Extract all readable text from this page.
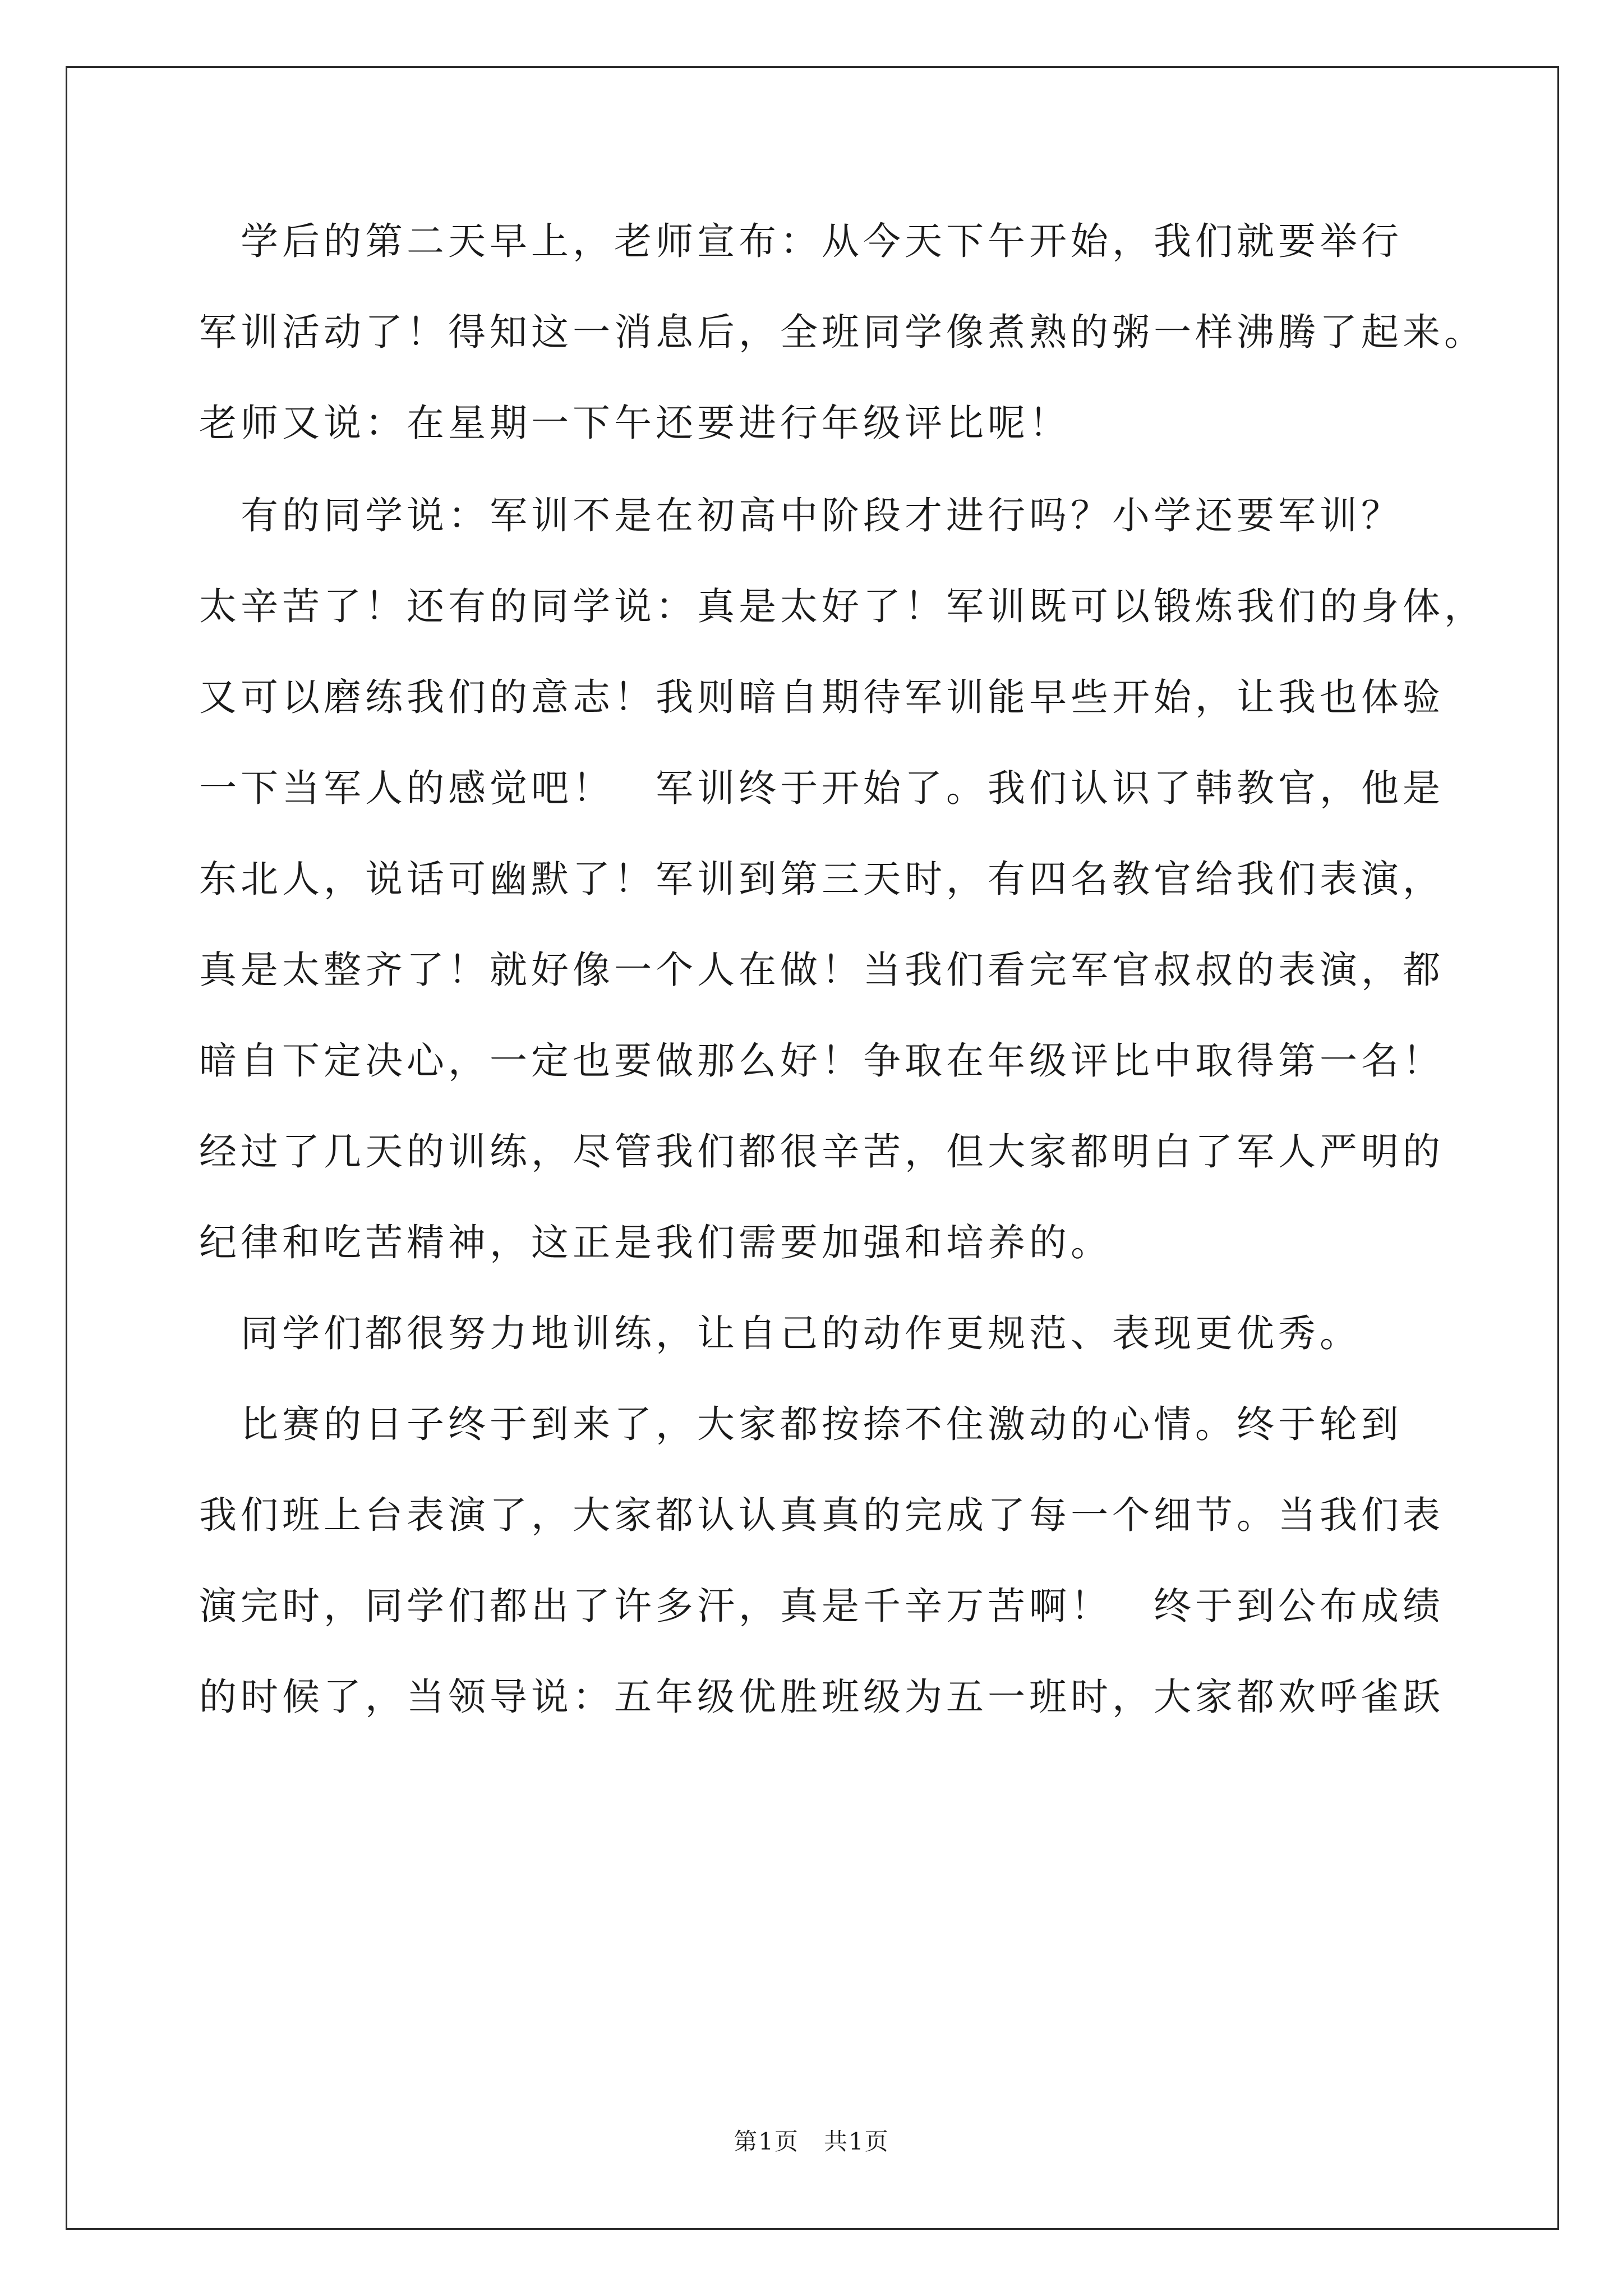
　学后的第二天早上，老师宣布：从今天下午开始，我们就要举行
军训活动了！得知这一消息后，全班同学像煮熟的粥一样沸腾了起来。
老师又说：在星期一下午还要进行年级评比呢！
　有的同学说：军训不是在初高中阶段才进行吗？小学还要军训？
太辛苦了！还有的同学说：真是太好了！军训既可以锻炼我们的身体，
又可以磨练我们的意志！我则暗自期待军训能早些开始，让我也体验
一下当军人的感觉吧！　军训终于开始了。我们认识了韩教官，他是
东北人，说话可幽默了！军训到第三天时，有四名教官给我们表演，
真是太整齐了！就好像一个人在做！当我们看完军官叔叔的表演，都
暗自下定决心，一定也要做那么好！争取在年级评比中取得第一名！
经过了几天的训练，尽管我们都很辛苦，但大家都明白了军人严明的
纪律和吃苦精神，这正是我们需要加强和培养的。
　同学们都很努力地训练，让自己的动作更规范、表现更优秀。
　比赛的日子终于到来了，大家都按捺不住激动的心情。终于轮到
我们班上台表演了，大家都认认真真的完成了每一个细节。当我们表
演完时，同学们都出了许多汗，真是千辛万苦啊！　终于到公布成绩
的时候了，当领导说：五年级优胜班级为五一班时，大家都欢呼雀跃
第1页　共1页
